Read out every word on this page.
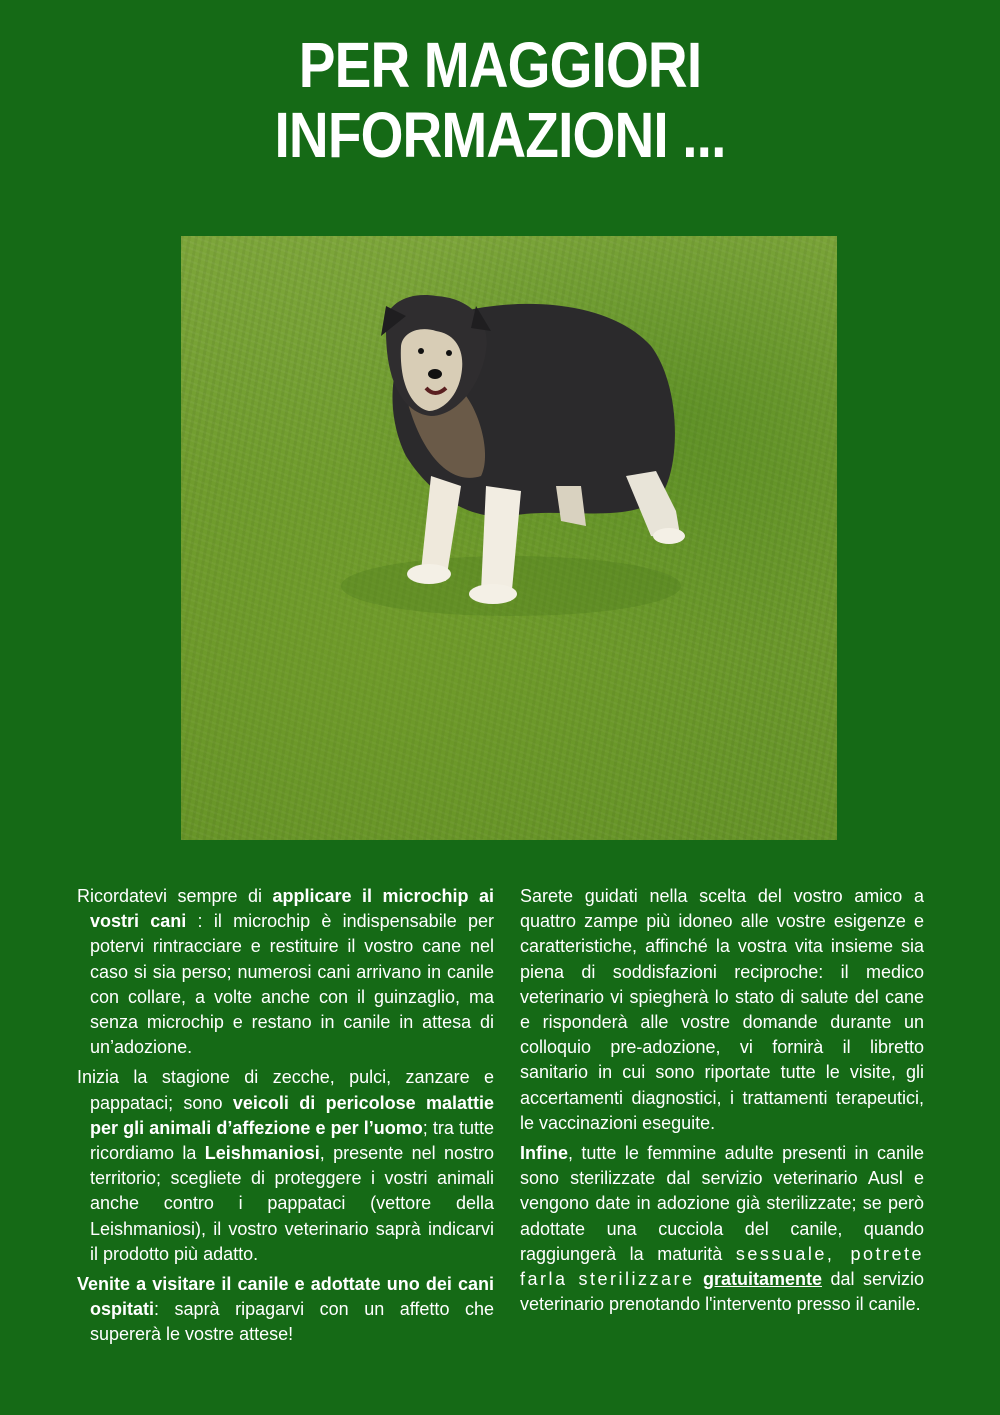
PER MAGGIORI
INFORMAZIONI ...

Ricordatevi sempre di applicare il microchip ai vostri cani : il microchip è indispensabile per potervi rintracciare e restituire il vostro cane nel caso si sia perso; numerosi cani arrivano in canile con collare, a volte anche con il guinzaglio, ma senza microchip e restano in canile in attesa di un’adozione.

Inizia la stagione di zecche, pulci, zanzare e pappataci; sono veicoli di pericolose malattie per gli animali d’affezione e per l’uomo; tra tutte ricordiamo la Leishmaniosi, presente nel nostro territorio; scegliete di proteggere i vostri animali anche contro i pappataci (vettore della Leishmaniosi), il vostro veterinario saprà indicarvi il prodotto più adatto.

Venite a visitare il canile e adottate uno dei cani ospitati: saprà ripagarvi con un affetto che supererà le vostre attese!

Sarete guidati nella scelta del vostro amico a quattro zampe più idoneo alle vostre esigenze e caratteristiche, affinché la vostra vita insieme sia piena di soddisfazioni reciproche: il medico veterinario vi spiegherà lo stato di salute del cane e risponderà alle vostre domande durante un colloquio pre-adozione, vi fornirà il libretto sanitario in cui sono riportate tutte le visite, gli accertamenti diagnostici, i trattamenti terapeutici, le vaccinazioni eseguite.

Infine, tutte le femmine adulte presenti in canile sono sterilizzate dal servizio veterinario Ausl e vengono date in adozione già sterilizzate; se però adottate una cucciola del canile, quando raggiungerà la maturità sessuale, potrete farla sterilizzare gratuitamente dal servizio veterinario prenotando l'intervento presso il canile.
